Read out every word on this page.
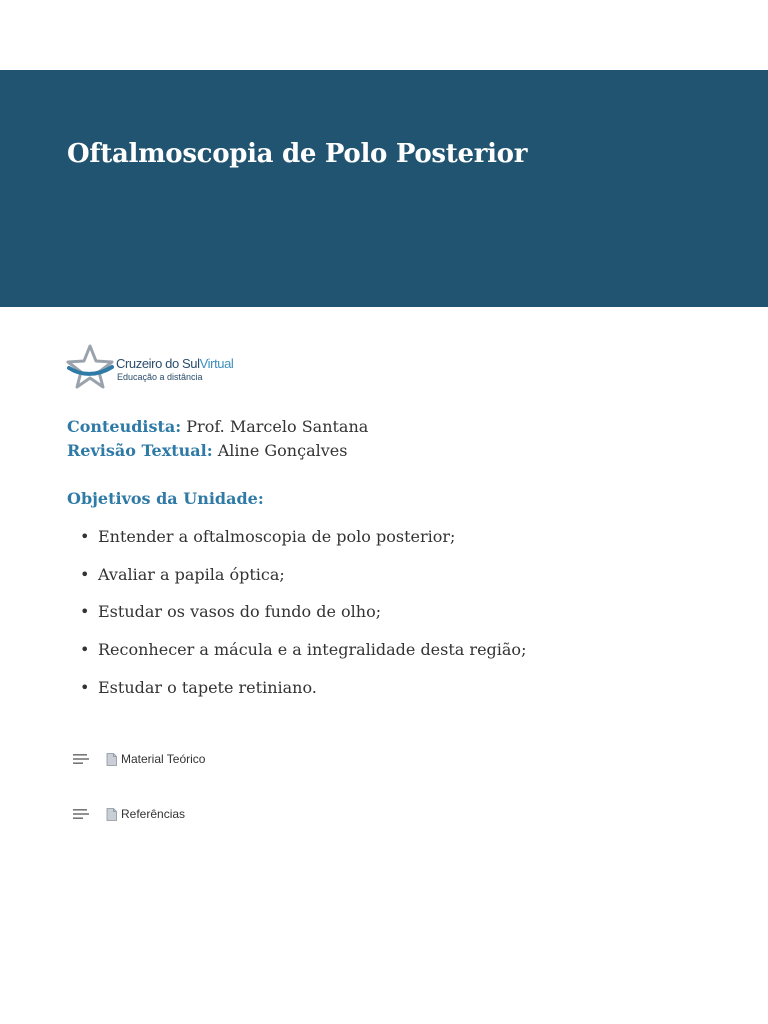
Oftalmoscopia de Polo Posterior
Cruzeiro do SulVirtual
Educação a distância
Conteudista: Prof. Marcelo Santana
Revisão Textual: Aline Gonçalves
Objetivos da Unidade:
• Entender a oftalmoscopia de polo posterior;
• Avaliar a papila óptica;
• Estudar os vasos do fundo de olho;
• Reconhecer a mácula e a integralidade desta região;
• Estudar o tapete retiniano.
Material Teórico
Referências
